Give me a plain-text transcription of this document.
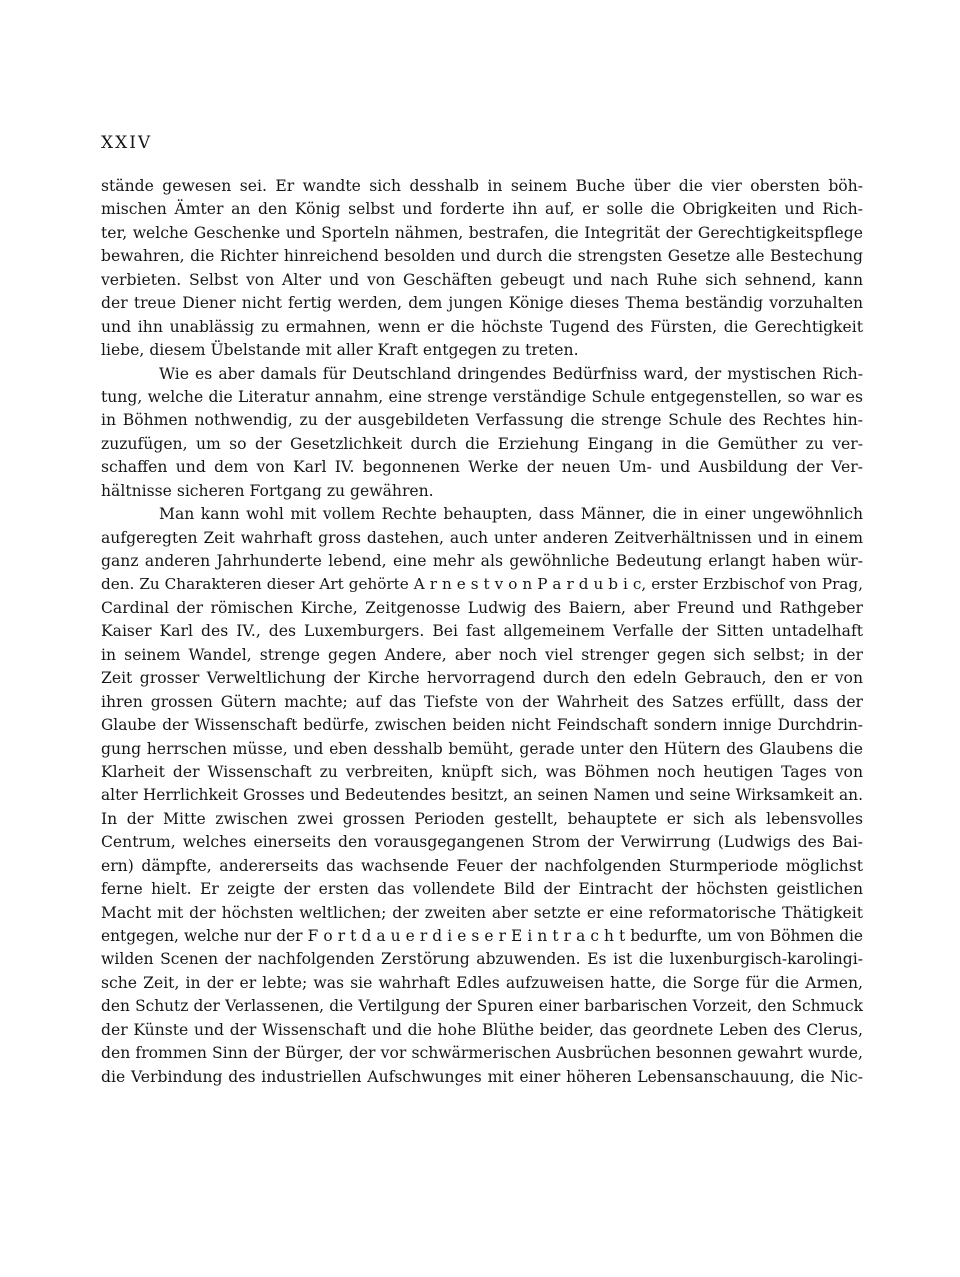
XXIV
stände gewesen sei. Er wandte sich desshalb in seinem Buche über die vier obersten böh-
mischen Ämter an den König selbst und forderte ihn auf, er solle die Obrigkeiten und Rich-
ter, welche Geschenke und Sporteln nähmen, bestrafen, die Integrität der Gerechtigkeitspflege
bewahren, die Richter hinreichend besolden und durch die strengsten Gesetze alle Bestechung
verbieten. Selbst von Alter und von Geschäften gebeugt und nach Ruhe sich sehnend, kann
der treue Diener nicht fertig werden, dem jungen Könige dieses Thema beständig vorzuhalten
und ihn unablässig zu ermahnen, wenn er die höchste Tugend des Fürsten, die Gerechtigkeit
liebe, diesem Übelstande mit aller Kraft entgegen zu treten.
Wie es aber damals für Deutschland dringendes Bedürfniss ward, der mystischen Rich-
tung, welche die Literatur annahm, eine strenge verständige Schule entgegenstellen, so war es
in Böhmen nothwendig, zu der ausgebildeten Verfassung die strenge Schule des Rechtes hin-
zuzufügen, um so der Gesetzlichkeit durch die Erziehung Eingang in die Gemüther zu ver-
schaffen und dem von Karl IV. begonnenen Werke der neuen Um- und Ausbildung der Ver-
hältnisse sicheren Fortgang zu gewähren.
Man kann wohl mit vollem Rechte behaupten, dass Männer, die in einer ungewöhnlich
aufgeregten Zeit wahrhaft gross dastehen, auch unter anderen Zeitverhältnissen und in einem
ganz anderen Jahrhunderte lebend, eine mehr als gewöhnliche Bedeutung erlangt haben wür-
den. Zu Charakteren dieser Art gehörte A r n e s t v o n P a r d u b i c, erster Erzbischof von Prag,
Cardinal der römischen Kirche, Zeitgenosse Ludwig des Baiern, aber Freund und Rathgeber
Kaiser Karl des IV., des Luxemburgers. Bei fast allgemeinem Verfalle der Sitten untadelhaft
in seinem Wandel, strenge gegen Andere, aber noch viel strenger gegen sich selbst; in der
Zeit grosser Verweltlichung der Kirche hervorragend durch den edeln Gebrauch, den er von
ihren grossen Gütern machte; auf das Tiefste von der Wahrheit des Satzes erfüllt, dass der
Glaube der Wissenschaft bedürfe, zwischen beiden nicht Feindschaft sondern innige Durchdrin-
gung herrschen müsse, und eben desshalb bemüht, gerade unter den Hütern des Glaubens die
Klarheit der Wissenschaft zu verbreiten, knüpft sich, was Böhmen noch heutigen Tages von
alter Herrlichkeit Grosses und Bedeutendes besitzt, an seinen Namen und seine Wirksamkeit an.
In der Mitte zwischen zwei grossen Perioden gestellt, behauptete er sich als lebensvolles
Centrum, welches einerseits den vorausgegangenen Strom der Verwirrung (Ludwigs des Bai-
ern) dämpfte, andererseits das wachsende Feuer der nachfolgenden Sturmperiode möglichst
ferne hielt. Er zeigte der ersten das vollendete Bild der Eintracht der höchsten geistlichen
Macht mit der höchsten weltlichen; der zweiten aber setzte er eine reformatorische Thätigkeit
entgegen, welche nur der F o r t d a u e r d i e s e r E i n t r a c h t bedurfte, um von Böhmen die
wilden Scenen der nachfolgenden Zerstörung abzuwenden. Es ist die luxenburgisch-karolingi-
sche Zeit, in der er lebte; was sie wahrhaft Edles aufzuweisen hatte, die Sorge für die Armen,
den Schutz der Verlassenen, die Vertilgung der Spuren einer barbarischen Vorzeit, den Schmuck
der Künste und der Wissenschaft und die hohe Blüthe beider, das geordnete Leben des Clerus,
den frommen Sinn der Bürger, der vor schwärmerischen Ausbrüchen besonnen gewahrt wurde,
die Verbindung des industriellen Aufschwunges mit einer höheren Lebensanschauung, die Nic-
